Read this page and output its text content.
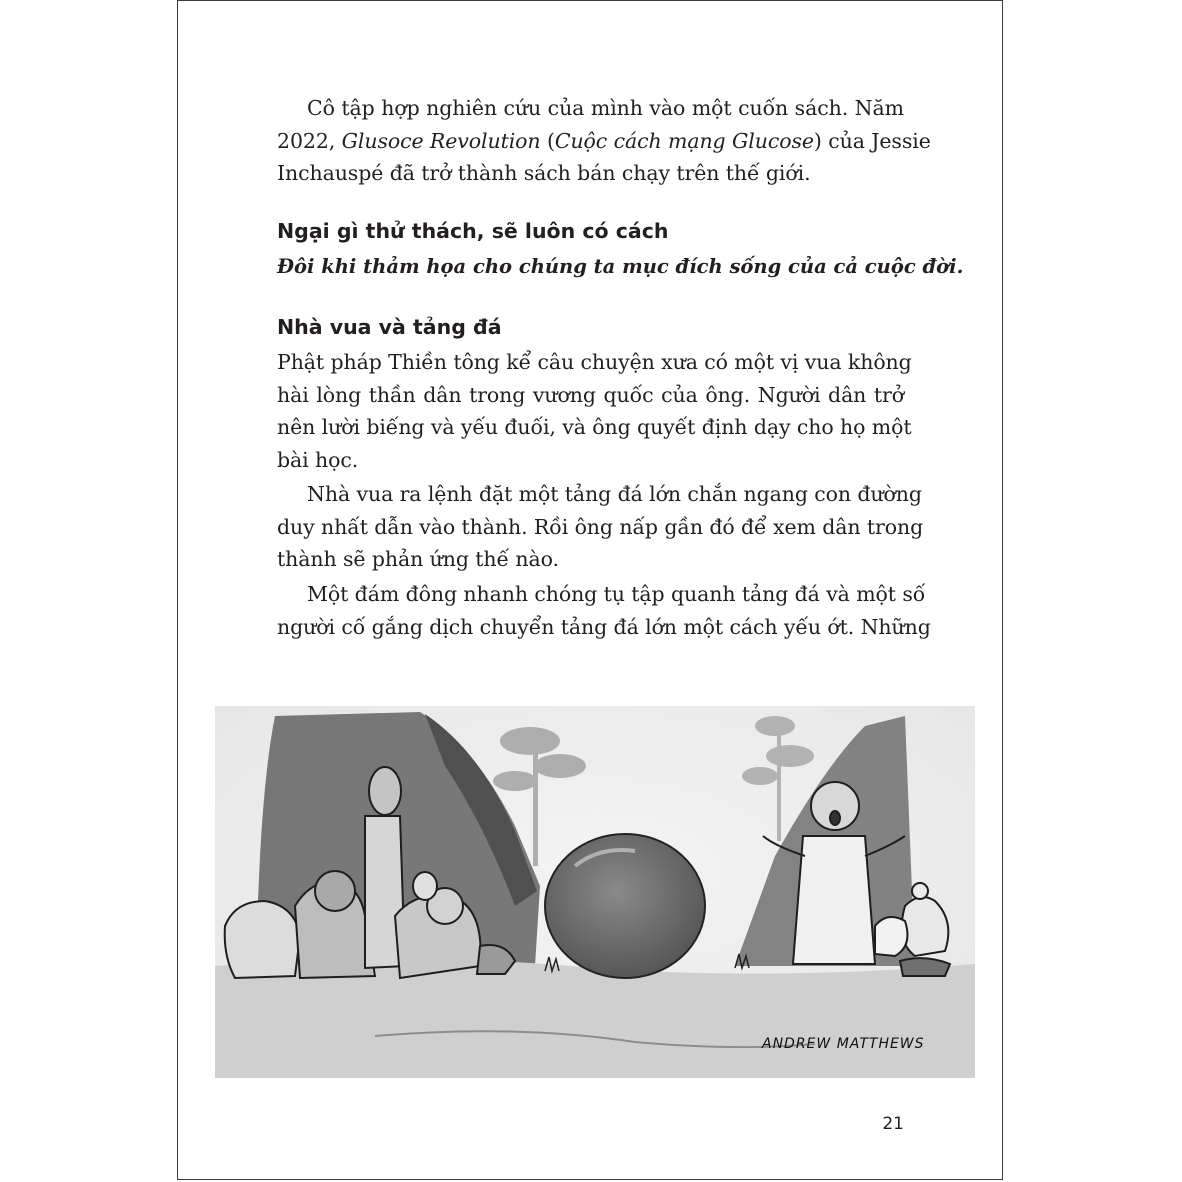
Cô tập hợp nghiên cứu của mình vào một cuốn sách. Năm
2022, Glusoce Revolution (Cuộc cách mạng Glucose) của Jessie
Inchauspé đã trở thành sách bán chạy trên thế giới.

Ngại gì thử thách, sẽ luôn có cách

Đôi khi thảm họa cho chúng ta mục đích sống của cả cuộc đời.

Nhà vua và tảng đá

Phật pháp Thiền tông kể câu chuyện xưa có một vị vua không
hài lòng thần dân trong vương quốc của ông. Người dân trở
nên lười biếng và yếu đuối, và ông quyết định dạy cho họ một
bài học.

Nhà vua ra lệnh đặt một tảng đá lớn chắn ngang con đường
duy nhất dẫn vào thành. Rồi ông nấp gần đó để xem dân trong
thành sẽ phản ứng thế nào.

Một đám đông nhanh chóng tụ tập quanh tảng đá và một số
người cố gắng dịch chuyển tảng đá lớn một cách yếu ớt. Những

ANDREW MATTHEWS
21
